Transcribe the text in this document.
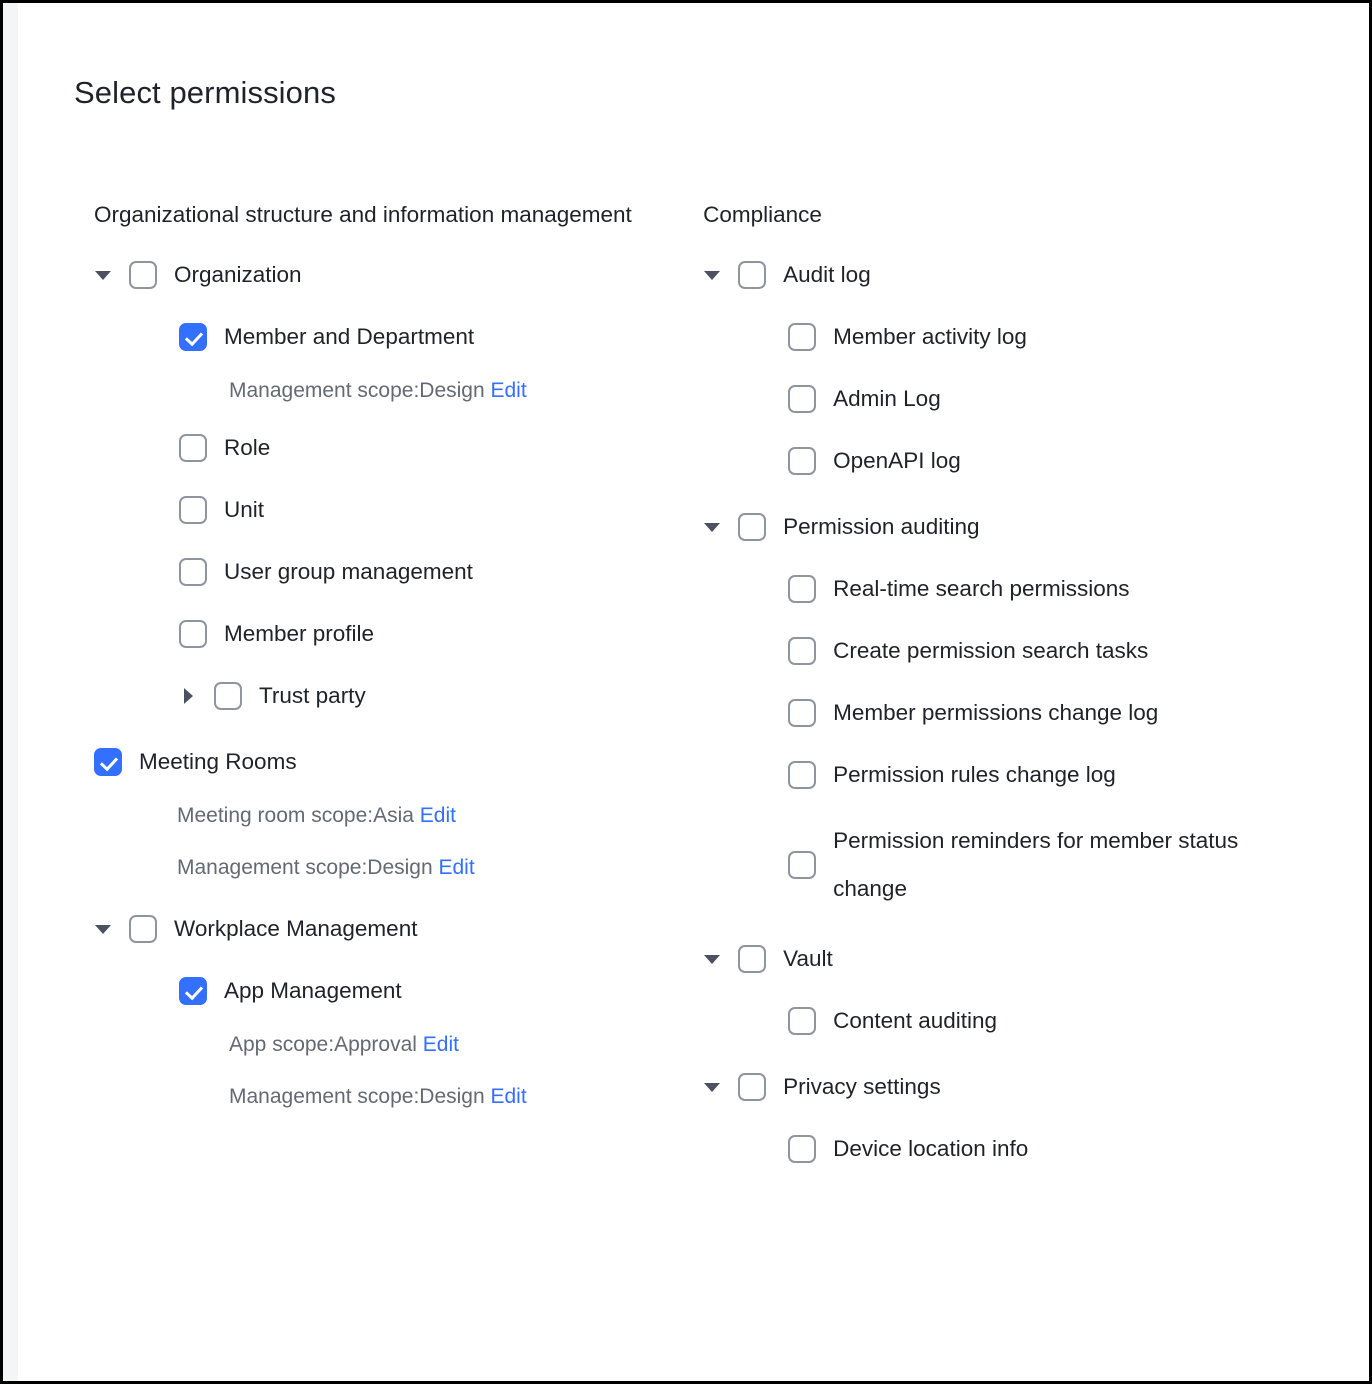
Select permissions
Organizational structure and information management
Organization
Member and Department
Management scope:Design Edit
Role
Unit
User group management
Member profile
Trust party
Meeting Rooms
Meeting room scope:Asia Edit
Management scope:Design Edit
Workplace Management
App Management
App scope:Approval Edit
Management scope:Design Edit
Compliance
Audit log
Member activity log
Admin Log
OpenAPI log
Permission auditing
Real-time search permissions
Create permission search tasks
Member permissions change log
Permission rules change log
Permission reminders for member status change
Vault
Content auditing
Privacy settings
Device location info
